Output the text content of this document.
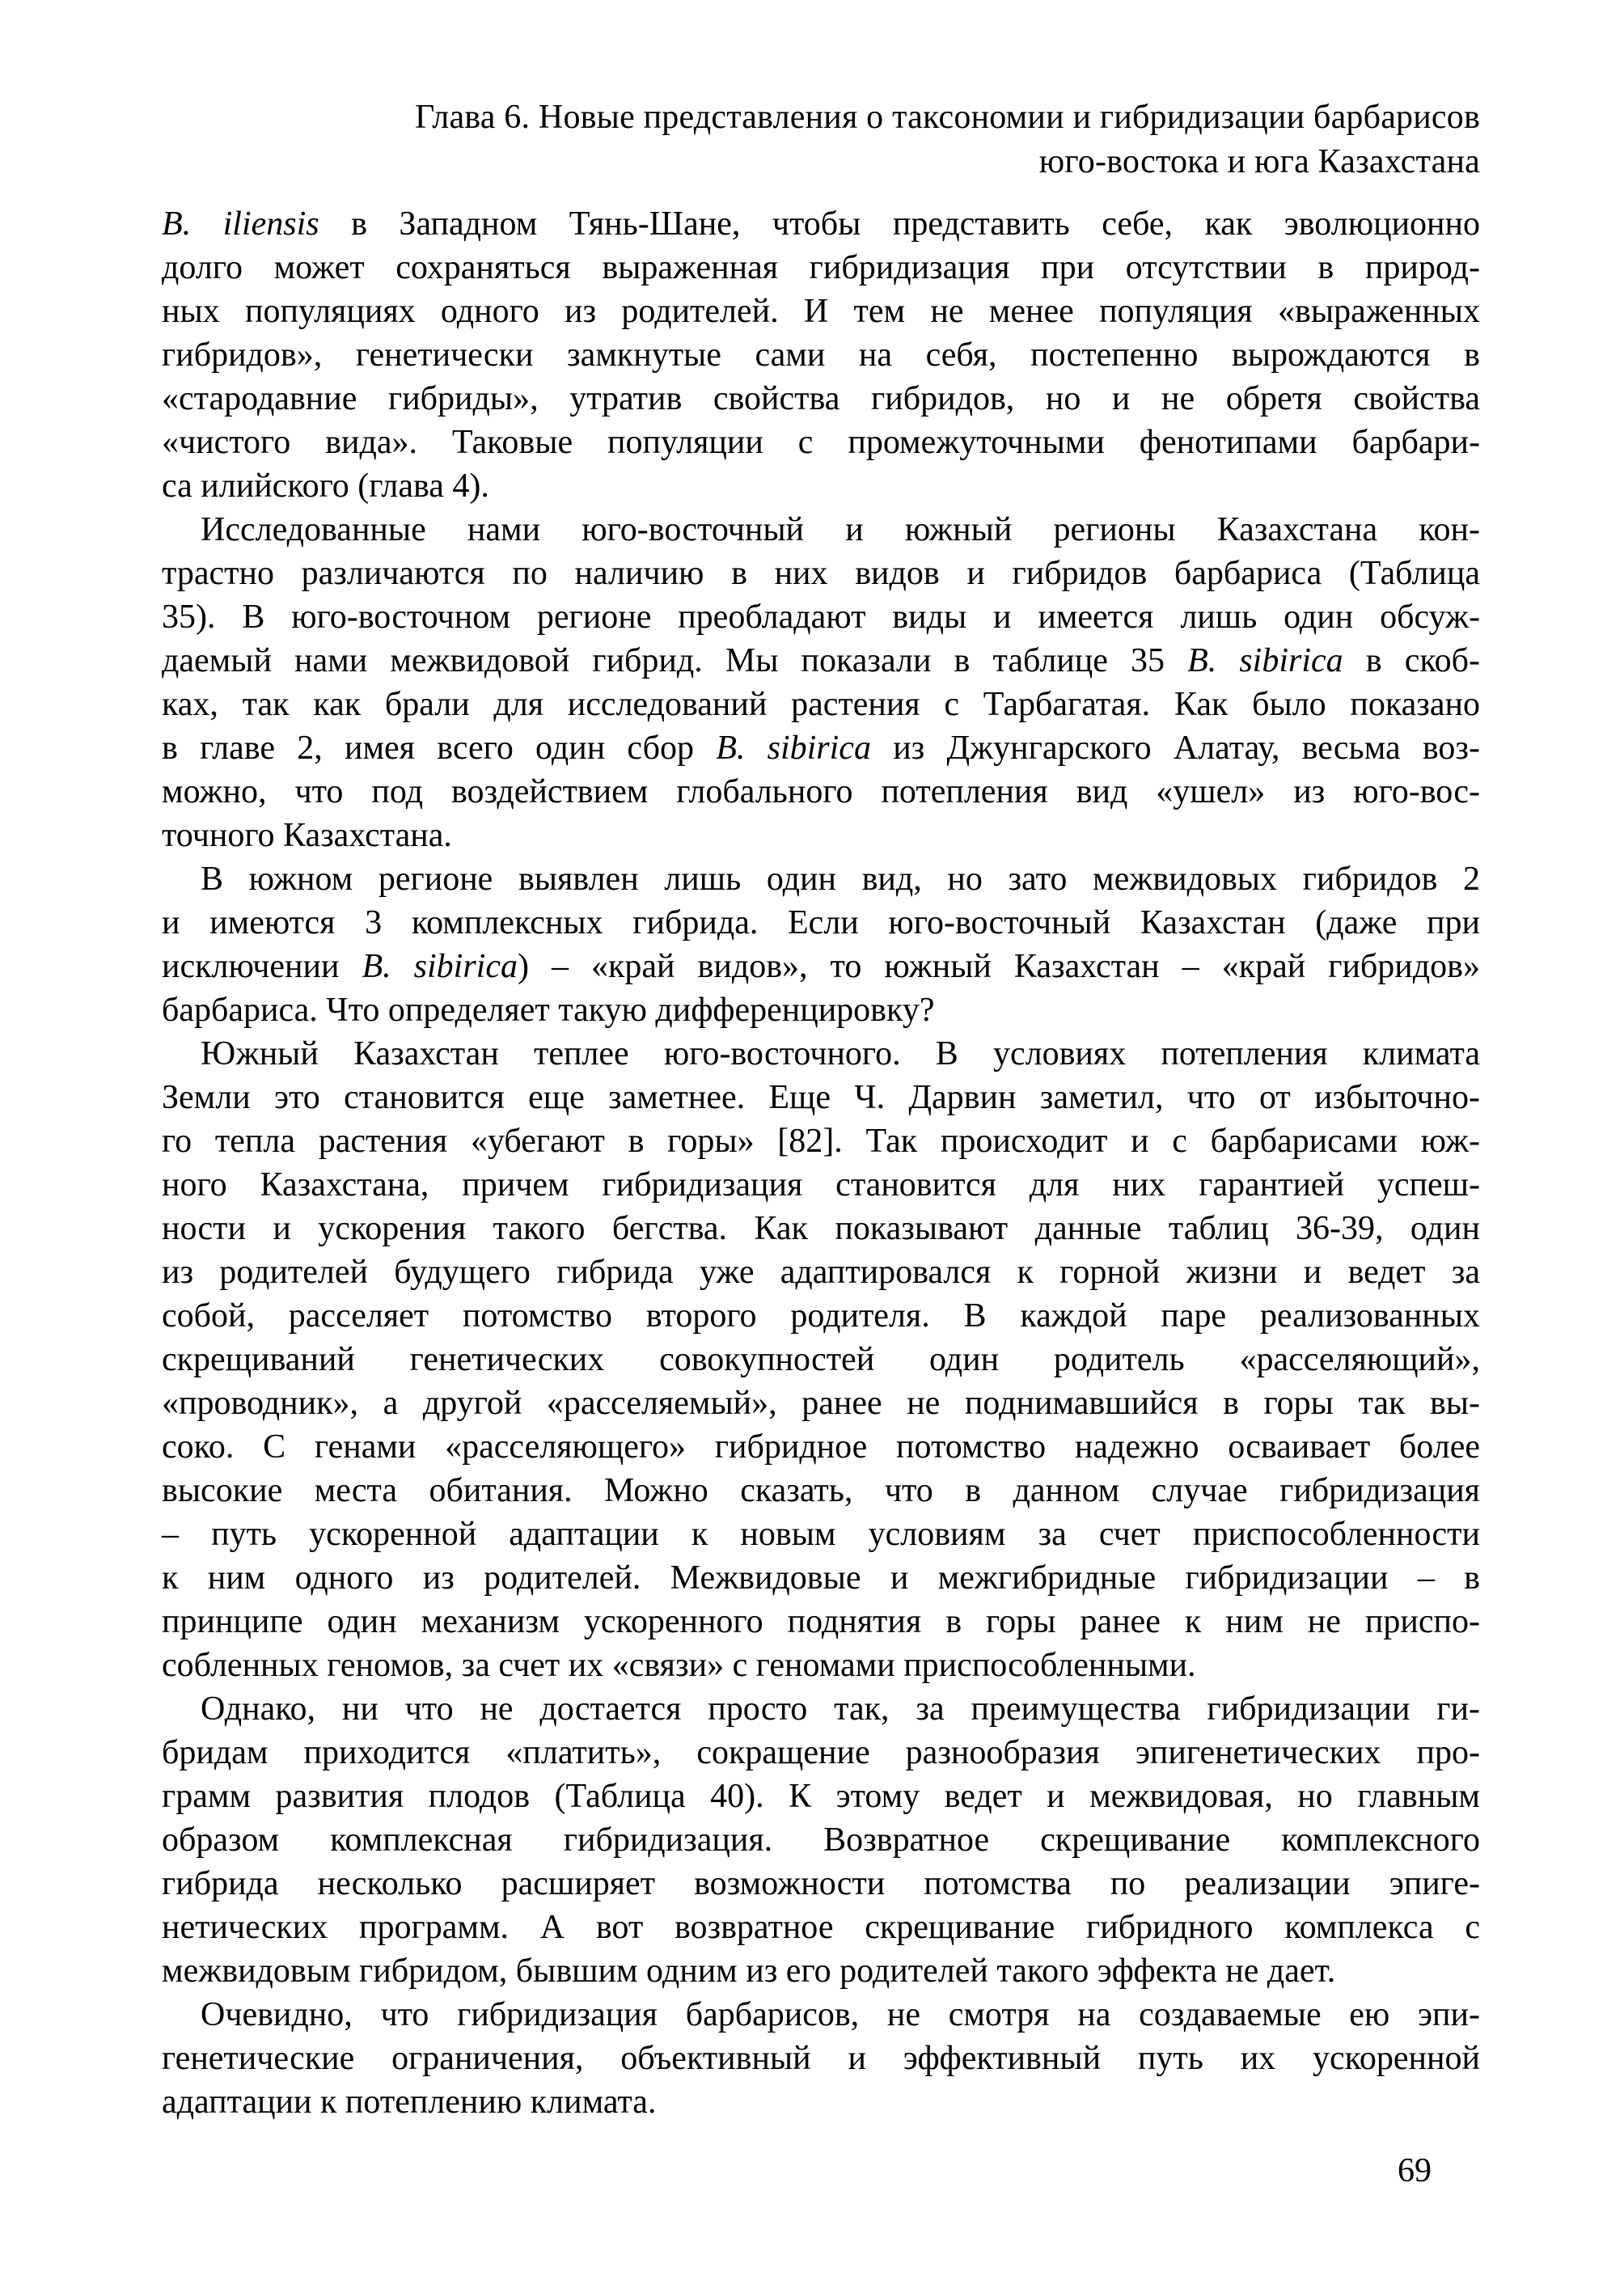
Глава 6. Новые представления о таксономии и гибридизации барбарисов
юго-востока и юга Казахстана
B. iliensis в Западном Тянь-Шане, чтобы представить себе, как эволюционно
долго может сохраняться выраженная гибридизация при отсутствии в природ-
ных популяциях одного из родителей. И тем не менее популяция «выраженных
гибридов», генетически замкнутые сами на себя, постепенно вырождаются в
«стародавние гибриды», утратив свойства гибридов, но и не обретя свойства
«чистого вида». Таковые популяции с промежуточными фенотипами барбари-
са илийского (глава 4).
Исследованные нами юго-восточный и южный регионы Казахстана кон-
трастно различаются по наличию в них видов и гибридов барбариса (Таблица
35). В юго-восточном регионе преобладают виды и имеется лишь один обсуж-
даемый нами межвидовой гибрид. Мы показали в таблице 35 B. sibirica в скоб-
ках, так как брали для исследований растения с Тарбагатая. Как было показано
в главе 2, имея всего один сбор B. sibirica из Джунгарского Алатау, весьма воз-
можно, что под воздействием глобального потепления вид «ушел» из юго-вос-
точного Казахстана.
В южном регионе выявлен лишь один вид, но зато межвидовых гибридов 2
и имеются 3 комплексных гибрида. Если юго-восточный Казахстан (даже при
исключении B. sibirica) – «край видов», то южный Казахстан – «край гибридов»
барбариса. Что определяет такую дифференцировку?
Южный Казахстан теплее юго-восточного. В условиях потепления климата
Земли это становится еще заметнее. Еще Ч. Дарвин заметил, что от избыточно-
го тепла растения «убегают в горы» [82]. Так происходит и с барбарисами юж-
ного Казахстана, причем гибридизация становится для них гарантией успеш-
ности и ускорения такого бегства. Как показывают данные таблиц 36-39, один
из родителей будущего гибрида уже адаптировался к горной жизни и ведет за
собой, расселяет потомство второго родителя. В каждой паре реализованных
скрещиваний генетических совокупностей один родитель «расселяющий»,
«проводник», а другой «расселяемый», ранее не поднимавшийся в горы так вы-
соко. С генами «расселяющего» гибридное потомство надежно осваивает более
высокие места обитания. Можно сказать, что в данном случае гибридизация
– путь ускоренной адаптации к новым условиям за счет приспособленности
к ним одного из родителей. Межвидовые и межгибридные гибридизации – в
принципе один механизм ускоренного поднятия в горы ранее к ним не приспо-
собленных геномов, за счет их «связи» с геномами приспособленными.
Однако, ни что не достается просто так, за преимущества гибридизации ги-
бридам приходится «платить», сокращение разнообразия эпигенетических про-
грамм развития плодов (Таблица 40). К этому ведет и межвидовая, но главным
образом комплексная гибридизация. Возвратное скрещивание комплексного
гибрида несколько расширяет возможности потомства по реализации эпиге-
нетических программ. А вот возвратное скрещивание гибридного комплекса с
межвидовым гибридом, бывшим одним из его родителей такого эффекта не дает.
Очевидно, что гибридизация барбарисов, не смотря на создаваемые ею эпи-
генетические ограничения, объективный и эффективный путь их ускоренной
адаптации к потеплению климата.
69
